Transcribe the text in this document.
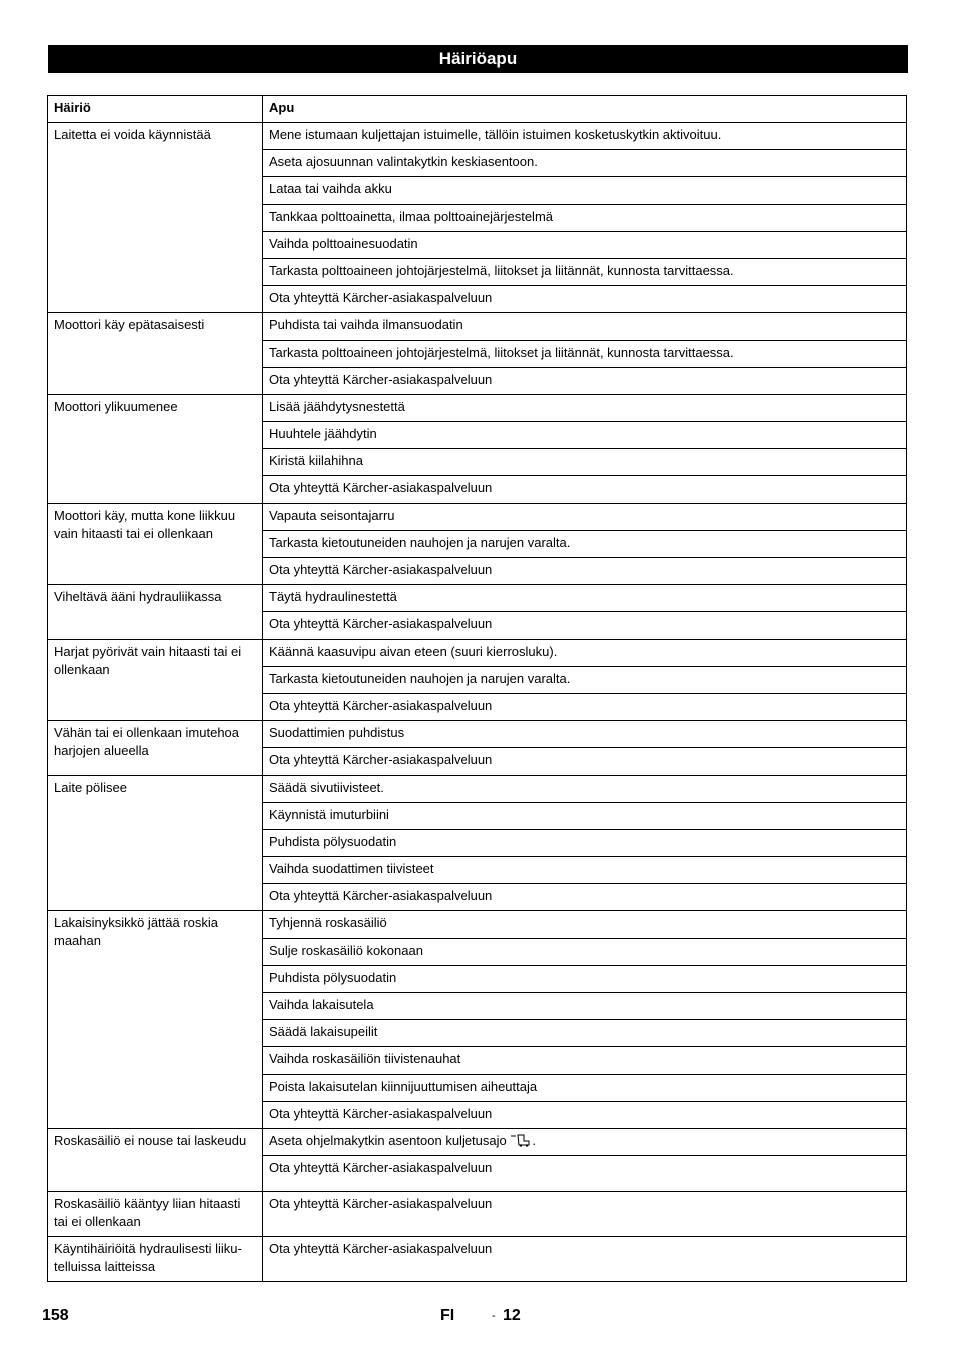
Häiriöapu
Häiriö	Apu
Laitetta ei voida käynnistää	Mene istumaan kuljettajan istuimelle, tällöin istuimen kosketuskytkin aktivoituu.
	Aseta ajosuunnan valintakytkin keskiasentoon.
	Lataa tai vaihda akku
	Tankkaa polttoainetta, ilmaa polttoainejärjestelmä
	Vaihda polttoainesuodatin
	Tarkasta polttoaineen johtojärjestelmä, liitokset ja liitännät, kunnosta tarvittaessa.
	Ota yhteyttä Kärcher-asiakaspalveluun
Moottori käy epätasaisesti	Puhdista tai vaihda ilmansuodatin
	Tarkasta polttoaineen johtojärjestelmä, liitokset ja liitännät, kunnosta tarvittaessa.
	Ota yhteyttä Kärcher-asiakaspalveluun
Moottori ylikuumenee	Lisää jäähdytysnestettä
	Huuhtele jäähdytin
	Kiristä kiilahihna
	Ota yhteyttä Kärcher-asiakaspalveluun
Moottori käy, mutta kone liikkuu vain hitaasti tai ei ollenkaan	Vapauta seisontajarru
	Tarkasta kietoutuneiden nauhojen ja narujen varalta.
	Ota yhteyttä Kärcher-asiakaspalveluun
Viheltävä ääni hydrauliikassa	Täytä hydraulinestettä
	Ota yhteyttä Kärcher-asiakaspalveluun
Harjat pyörivät vain hitaasti tai ei ollenkaan	Käännä kaasuvipu aivan eteen (suuri kierrosluku).
	Tarkasta kietoutuneiden nauhojen ja narujen varalta.
	Ota yhteyttä Kärcher-asiakaspalveluun
Vähän tai ei ollenkaan imutehoa harjojen alueella	Suodattimien puhdistus
	Ota yhteyttä Kärcher-asiakaspalveluun
Laite pölisee	Säädä sivutiivisteet.
	Käynnistä imuturbiini
	Puhdista pölysuodatin
	Vaihda suodattimen tiivisteet
	Ota yhteyttä Kärcher-asiakaspalveluun
Lakaisinyksikkö jättää roskia maahan	Tyhjennä roskasäiliö
	Sulje roskasäiliö kokonaan
	Puhdista pölysuodatin
	Vaihda lakaisutela
	Säädä lakaisupeilit
	Vaihda roskasäiliön tiivistenauhat
	Poista lakaisutelan kiinnijuuttumisen aiheuttaja
	Ota yhteyttä Kärcher-asiakaspalveluun
Roskasäiliö ei nouse tai laskeudu	Aseta ohjelmakytkin asentoon kuljetusajo .
	Ota yhteyttä Kärcher-asiakaspalveluun
Roskasäiliö kääntyy liian hitaasti tai ei ollenkaan	Ota yhteyttä Kärcher-asiakaspalveluun
Käyntihäiriöitä hydraulisesti liiku-telluissa laitteissa	Ota yhteyttä Kärcher-asiakaspalveluun
158	FI	- 12
